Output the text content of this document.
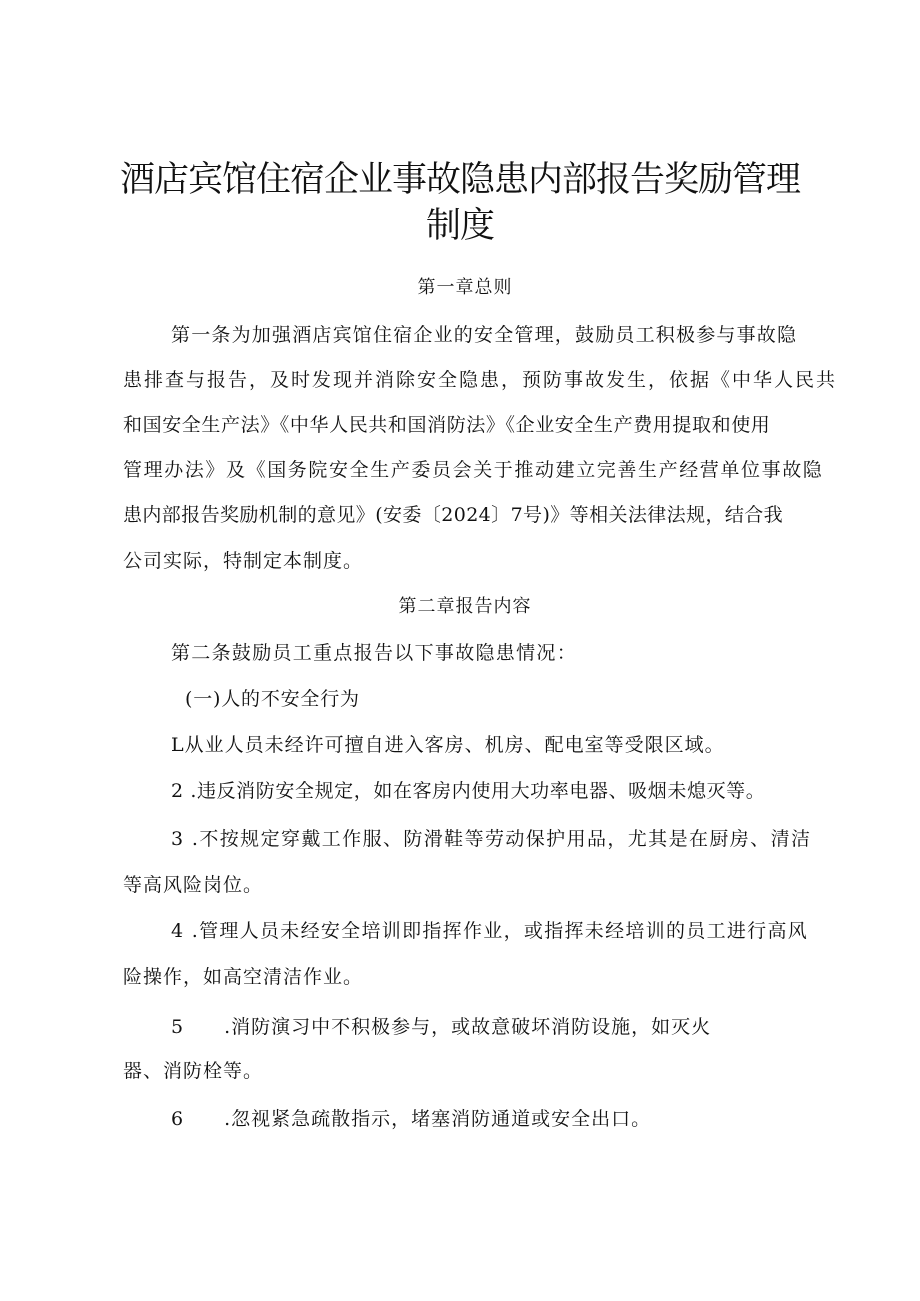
酒店宾馆住宿企业事故隐患内部报告奖励管理
制度
第一章总则
第一条为加强酒店宾馆住宿企业的安全管理，鼓励员工积极参与事故隐
患排查与报告，及时发现并消除安全隐患，预防事故发生，依据《中华人民共
和国安全生产法》《中华人民共和国消防法》《企业安全生产费用提取和使用
管理办法》及《国务院安全生产委员会关于推动建立完善生产经营单位事故隐
患内部报告奖励机制的意见》(安委〔2024〕7号)》等相关法律法规，结合我
公司实际，特制定本制度。
第二章报告内容
第二条鼓励员工重点报告以下事故隐患情况：
(一)人的不安全行为
L从业人员未经许可擅自进入客房、机房、配电室等受限区域。
2 .违反消防安全规定，如在客房内使用大功率电器、吸烟未熄灭等。
3 .不按规定穿戴工作服、防滑鞋等劳动保护用品，尤其是在厨房、清洁
等高风险岗位。
4 .管理人员未经安全培训即指挥作业，或指挥未经培训的员工进行高风
险操作，如高空清洁作业。
5　　.消防演习中不积极参与，或故意破坏消防设施，如灭火
器、消防栓等。
6　　.忽视紧急疏散指示，堵塞消防通道或安全出口。
